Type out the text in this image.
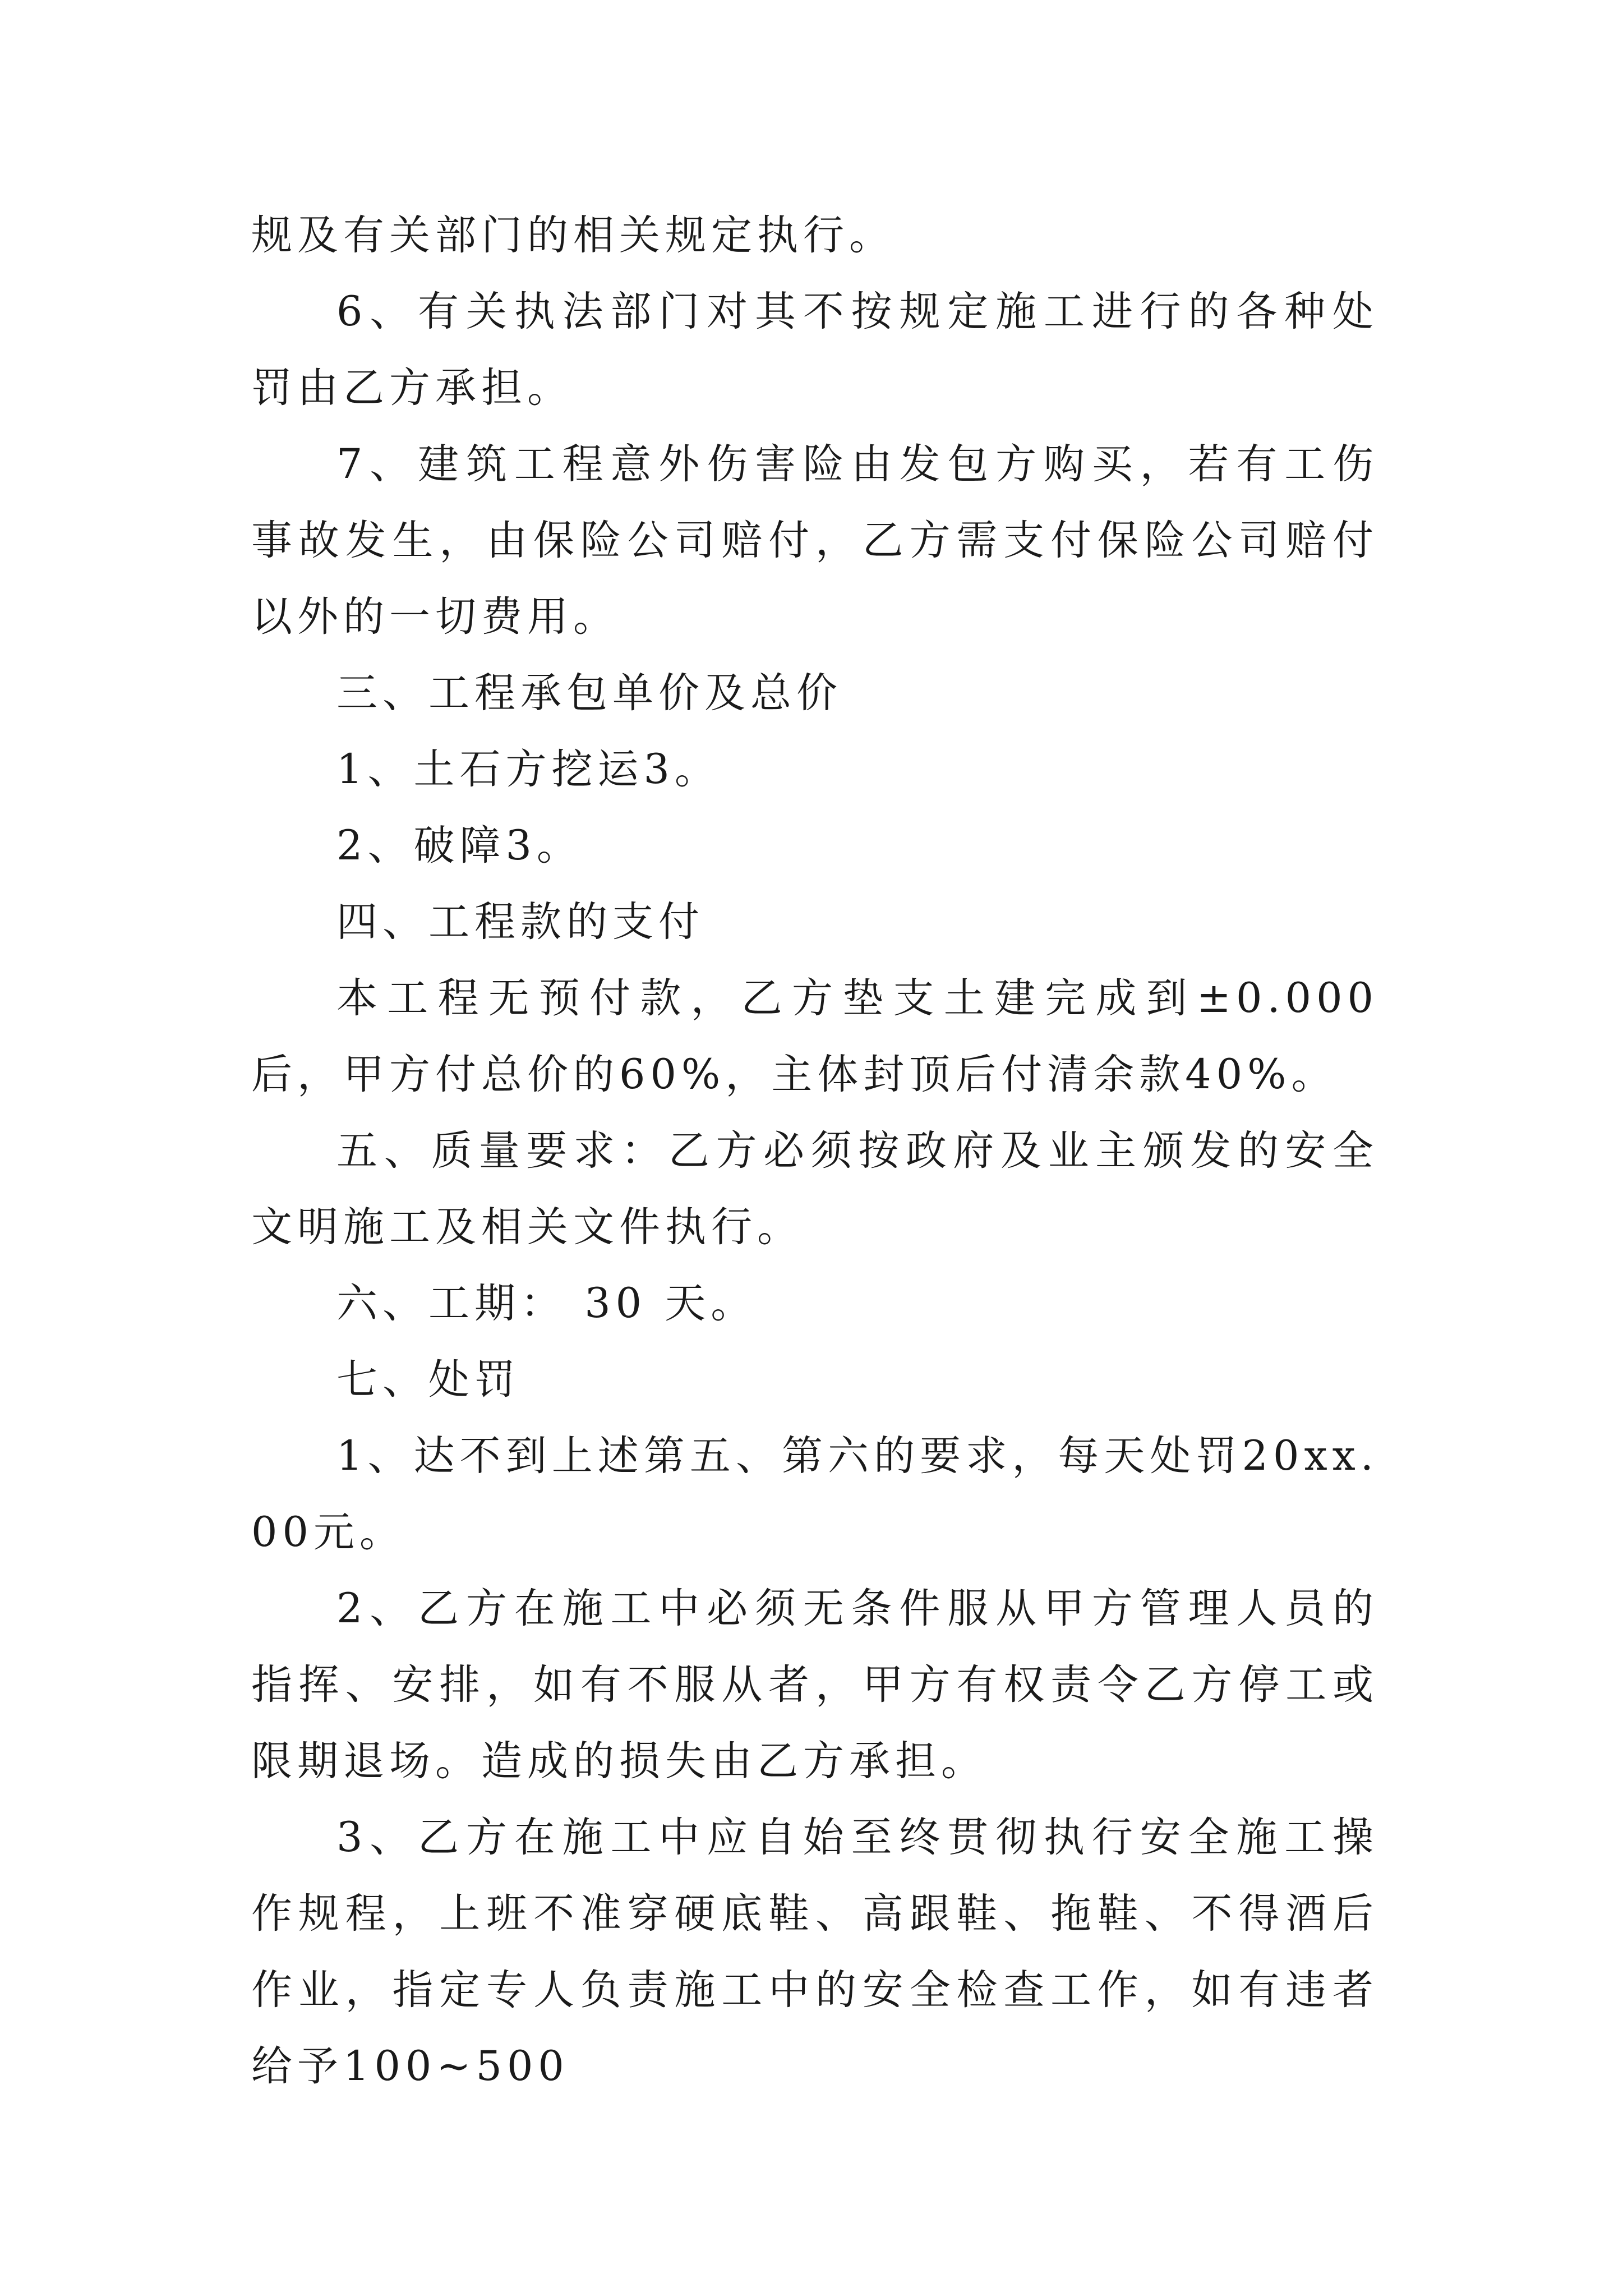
规及有关部门的相关规定执行。

6、有关执法部门对其不按规定施工进行的各种处罚由乙方承担。

7、建筑工程意外伤害险由发包方购买，若有工伤事故发生，由保险公司赔付，乙方需支付保险公司赔付以外的一切费用。

三、工程承包单价及总价

1、土石方挖运3。

2、破障3。

四、工程款的支付

本工程无预付款，乙方垫支土建完成到±0.000后，甲方付总价的60%，主体封顶后付清余款40%。

五、质量要求：乙方必须按政府及业主颁发的安全文明施工及相关文件执行。

六、工期： 30 天。

七、处罚

1、达不到上述第五、第六的要求，每天处罚20xx.00元。

2、乙方在施工中必须无条件服从甲方管理人员的指挥、安排，如有不服从者，甲方有权责令乙方停工或限期退场。造成的损失由乙方承担。

3、乙方在施工中应自始至终贯彻执行安全施工操作规程，上班不准穿硬底鞋、高跟鞋、拖鞋、不得酒后作业，指定专人负责施工中的安全检查工作，如有违者给予100~500
